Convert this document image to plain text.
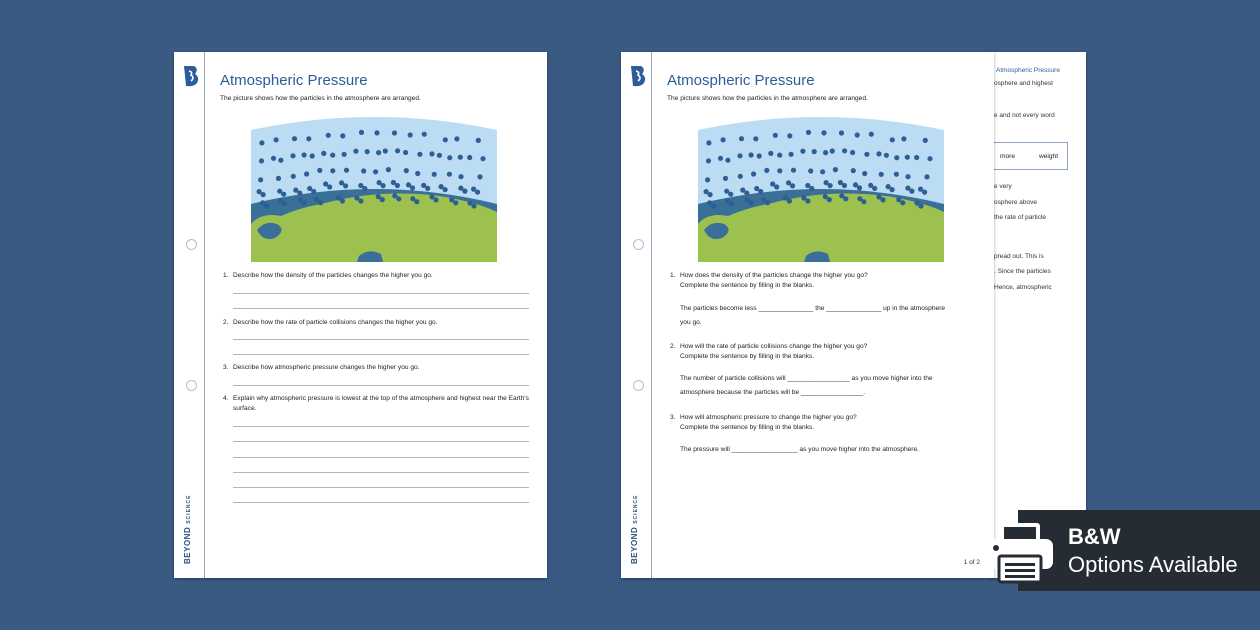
Atmospheric Pressure
osphere and highest
e and not every word
more	weight
e very
osphere above
the rate of particle
pread out. This is
. Since the particles
Hence, atmospheric
BEYONDSCIENCE
Atmospheric Pressure
The picture shows how the particles in the atmosphere are arranged.
1. Describe how the density of the particles changes the higher you go.
2. Describe how the rate of particle collisions changes the higher you go.
3. Describe how atmospheric pressure changes the higher you go.
4. Explain why atmospheric pressure is lowest at the top of the atmosphere and highest near the Earth's surface.
BEYONDSCIENCE
Atmospheric Pressure
The picture shows how the particles in the atmosphere are arranged.
1. How does the density of the particles change the higher you go?
Complete the sentence by filling in the blanks.
The particles become less _______________ the _______________ up in the atmosphere
you go.
2. How will the rate of particle collisions change the higher you go?
Complete the sentence by filling in the blanks.
The number of particle collisions will _________________ as you move higher into the
atmosphere because the particles will be _________________.
3. How will atmospheric pressure to change the higher you go?
Complete the sentence by filling in the blanks.
The pressure will __________________ as you move higher into the atmosphere.
1 of 2
B&W
Options Available
